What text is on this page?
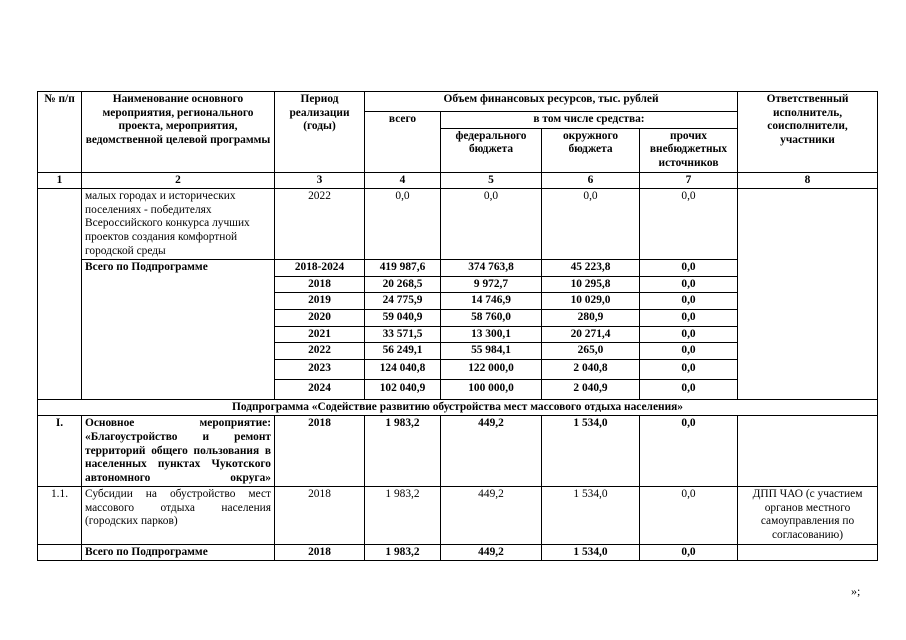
№ п/п	Наименование основного мероприятия, регионального проекта, мероприятия, ведомственной целевой программы	Период реализации (годы)	Объем финансовых ресурсов, тыс. рублей				Ответственный исполнитель, соисполнители, участники
			всего	в том числе средства:			
				федерального бюджета	окружного бюджета	прочих внебюджетных источников	
1	2	3	4	5	6	7	8
	малых городах и исторических поселениях - победителях Всероссийского конкурса лучших проектов создания комфортной городской среды	2022	0,0	0,0	0,0	0,0	
	Всего по Подпрограмме	2018-2024	419 987,6	374 763,8	45 223,8	0,0	
		2018	20 268,5	9 972,7	10 295,8	0,0	
		2019	24 775,9	14 746,9	10 029,0	0,0	
		2020	59 040,9	58 760,0	280,9	0,0	
		2021	33 571,5	13 300,1	20 271,4	0,0	
		2022	56 249,1	55 984,1	265,0	0,0	
		2023	124 040,8	122 000,0	2 040,8	0,0	
		2024	102 040,9	100 000,0	2 040,9	0,0	
Подпрограмма «Содействие развитию обустройства мест массового отдыха населения»							
I.	Основное мероприятие: «Благоустройство и ремонт территорий общего пользования в населенных пунктах Чукотского автономного округа»	2018	1 983,2	449,2	1 534,0	0,0	
1.1.	Субсидии на обустройство мест массового отдыха населения (городских парков)	2018	1 983,2	449,2	1 534,0	0,0	ДПП ЧАО (с участием органов местного самоуправления по согласованию)
	Всего по Подпрограмме	2018	1 983,2	449,2	1 534,0	0,0	
»;
